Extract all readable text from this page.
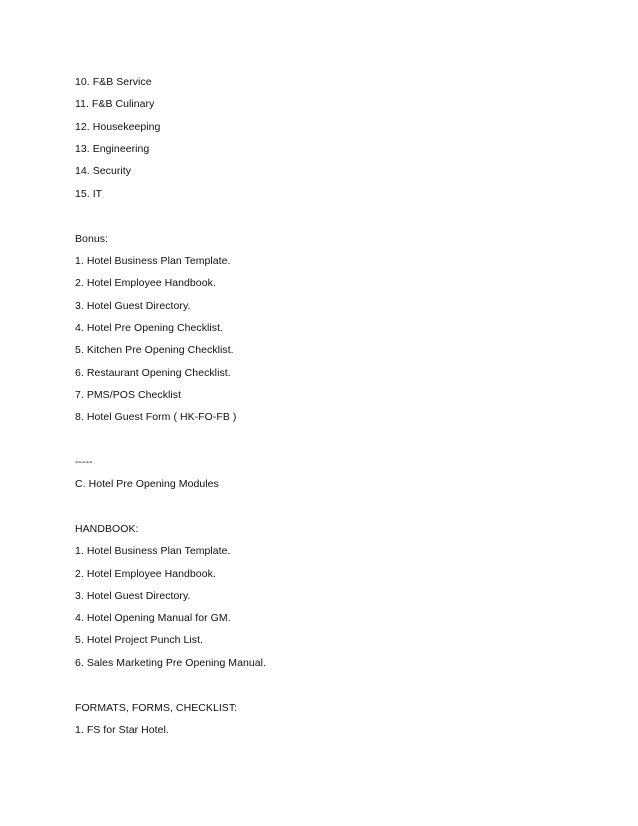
10. F&B Service
11. F&B Culinary
12. Housekeeping
13. Engineering
14. Security
15. IT
Bonus:
1. Hotel Business Plan Template.
2. Hotel Employee Handbook.
3. Hotel Guest Directory.
4. Hotel Pre Opening Checklist.
5. Kitchen Pre Opening Checklist.
6. Restaurant Opening Checklist.
7. PMS/POS Checklist
8. Hotel Guest Form ( HK-FO-FB )
-----
C. Hotel Pre Opening Modules
HANDBOOK:
1. Hotel Business Plan Template.
2. Hotel Employee Handbook.
3. Hotel Guest Directory.
4. Hotel Opening Manual for GM.
5. Hotel Project Punch List.
6. Sales Marketing Pre Opening Manual.
FORMATS, FORMS, CHECKLIST:
1. FS for Star Hotel.
